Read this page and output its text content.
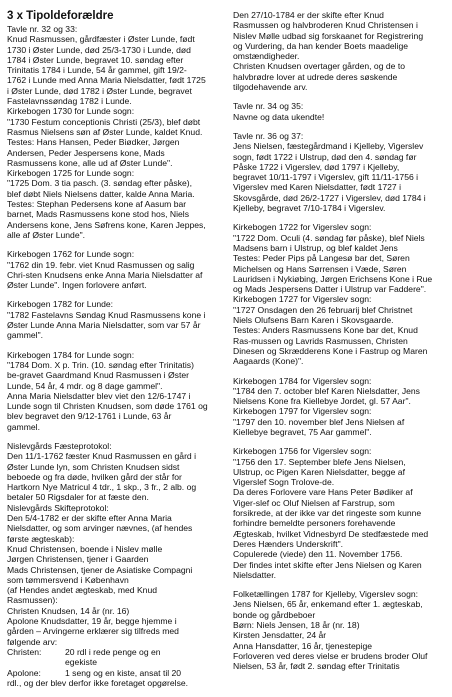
3 x Tipoldeforældre
Tavle nr. 32 og 33:
Knud Rasmussen, gårdfæster i Øster Lunde, født
1730 i Øster Lunde, død 25/3-1730 i Lunde, død
1784 i Øster Lunde, begravet 10. søndag efter
Trinitatis 1784 i Lunde, 54 år gammel, gift 19/2-
1762 i Lunde med Anna Maria Nielsdatter, født 1725
i Øster Lunde, død 1782 i Øster Lunde, begravet
Fastelavnssøndag 1782 i Lunde.
Kirkebogen 1730 for Lunde sogn:
"1730 Festum conceptionis Christi (25/3), blef døbt
Rasmus Nielsens søn af Øster Lunde, kaldet Knud.
Testes: Hans Hansen, Peder Biødker, Jørgen
Andersen, Peder Jespersens kone, Mads
Rasmussens kone, alle ud af Øster Lunde".
Kirkebogen 1725 for Lunde sogn:
"1725 Dom. 3 tia pasch. (3. søndag efter påske),
blef døbt Niels Nielsens datter, kalde Anna Maria.
Testes: Stephan Pedersens kone af Aasum bar
barnet, Mads Rasmussens kone stod hos, Niels
Andersens kone, Jens Søfrens kone, Karen Jeppes,
alle af Øster Lunde".
Kirkebogen 1762 for Lunde sogn:
"1762 din 19. febr. viet Knud Rasmussen og salig
Chri-sten Knudsens enke Anna Maria Nielsdatter af
Øster Lunde". Ingen forlovere anført.
Kirkebogen 1782 for Lunde:
"1782 Fastelavns Søndag Knud Rasmussens kone i
Øster Lunde Anna Maria Nielsdatter, som var 57 år
gammel".
Kirkebogen 1784 for Lunde sogn:
"1784 Dom. X p. Trin. (10. søndag efter Trinitatis)
be-gravet Gaardmand Knud Rasmussen i Øster
Lunde, 54 år, 4 mdr. og 8 dage gammel".
Anna Maria Nielsdatter blev viet den 12/6-1747 i
Lunde sogn til Christen Knudsen, som døde 1761 og
blev begravet den 9/12-1761 i Lunde, 63 år
gammel.
Nislevgårds Fæsteprotokol:
Den 11/1-1762 fæster Knud Rasmussen en gård i
Øster Lunde lyn, som Christen Knudsen sidst
beboede og fra døde, hvilken gård der står for
Hartkorn Nye Matricul 4 tdr., 1 skp., 3 fr., 2 alb. og
betaler 50 Rigsdaler for at fæste den.
Nislevgårds Skifteprotokol:
Den 5/4-1782 er der skifte efter Anna Maria
Nielsdatter, og som arvinger nævnes, (af hendes
første ægteskab):
Knud Christensen, boende i Nislev mølle
Jørgen Christensen, tjener i Gaarden
Mads Christensen, tjener de Asiatiske Compagni
som tømmersvend i København
(af Hendes andet ægteskab, med Knud
Rasmussen):
Christen Knudsen, 14 år (nr. 16)
Apolone Knudsdatter, 19 år, begge hjemme i
gården – Arvingerne erklærer sig tilfreds med
følgende arv:
Christen:	20 rdl i rede penge og en
egekiste
Apolone:	1 seng og en kiste, ansat til 20
rdl., og der blev derfor ikke foretaget opgørelse.
Den 27/10-1784 er der skifte efter Knud
Rasmussen og halvbroderen Knud Christensen i
Nislev Mølle udbad sig forskaanet for Registrering
og Vurdering, da han kender Boets maadelige
omstændigheder.
Christen Knudsen overtager gården, og de to
halvbrødre lover at udrede deres søskende
tilgodehavende arv.
Tavle nr. 34 og 35:
Navne og data ukendte!
Tavle nr. 36 og 37:
Jens Nielsen, fæstegårdmand i Kjelleby, Vigerslev
sogn, født 1722 i Ulstrup, død den 4. søndag før
Påske 1722 i Vigerslev, død 1797 i Kjelleby,
begravet 10/11-1797 i Vigerslev, gift 11/11-1756 i
Vigerslev med Karen Nielsdatter, født 1727 i
Skovsgårde, død 26/2-1727 i Vigerslev, død 1784 i
Kjelleby, begravet 7/10-1784 i Vigerslev.
Kirkebogen 1722 for Vigerslev sogn:
"1722 Dom. Oculi (4. søndag før påske), blef Niels
Madsens barn i Ulstrup, og blef kaldet Jens
Testes: Peder Pips på Langesø bar det, Søren
Michelsen og Hans Sørrensen i Væde, Søren
Lauridsen i Nykiøbing, Jørgen Erichsens Kone i Rue
og Mads Jespersens Datter i Ulstrup var Faddere".
Kirkebogen 1727 for Vigerslev sogn:
"1727 Onsdagen den 26 februarij blef Christnet
Niels Olufsens Barn Karen i Skovsgaarde.
Testes: Anders Rasmussens Kone bar det, Knud
Ras-mussen og Lavrids Rasmussen, Christen
Dinesen og Skrædderens Kone i Fastrup og Maren
Aagaards (Kone)".
Kirkebogen 1784 for Vigerslev sogn:
"1784 den 7. october blef Karen Nielsdatter, Jens
Nielsens Kone fra Kiellebye Jordet, gl. 57 Aar".
Kirkebogen 1797 for Vigerslev sogn:
"1797 den 10. november blef Jens Nielsen af
Kiellebye begravet, 75 Aar gammel".
Kirkebogen 1756 for Vigerslev sogn:
"1756 den 17. September blefe Jens Nielsen,
Ulstrup, oc Pigen Karen Nielsdatter, begge af
Vigerslef Sogn Trolove-de.
Da deres Forlovere vare Hans Peter Bødiker af
Viger-slef oc Oluf Nielsen af Farstrup, som
forsikrede, at der ikke var det ringeste som kunne
forhindre bemeldte personers forehavende
Ægteskab, hvilket Vidnesbyrd De stedfæstede med
Deres Hænders Underskrift".
Copulerede (viede) den 11. November 1756.
Der findes intet skifte efter Jens Nielsen og Karen
Nielsdatter.
Folketællingen 1787 for Kjelleby, Vigerslev sogn:
Jens Nielsen, 65 år, enkemand efter 1. ægteskab,
bonde og gårdbeboer
Børn: Niels Jensen, 18 år (nr. 18)
Kirsten Jensdatter, 24 år
Anna Hansdatter, 16 år, tjenestepige
Forloveren ved deres vielse er brudens broder Oluf
Nielsen, 53 år, født 2. søndag efter Trinitatis
